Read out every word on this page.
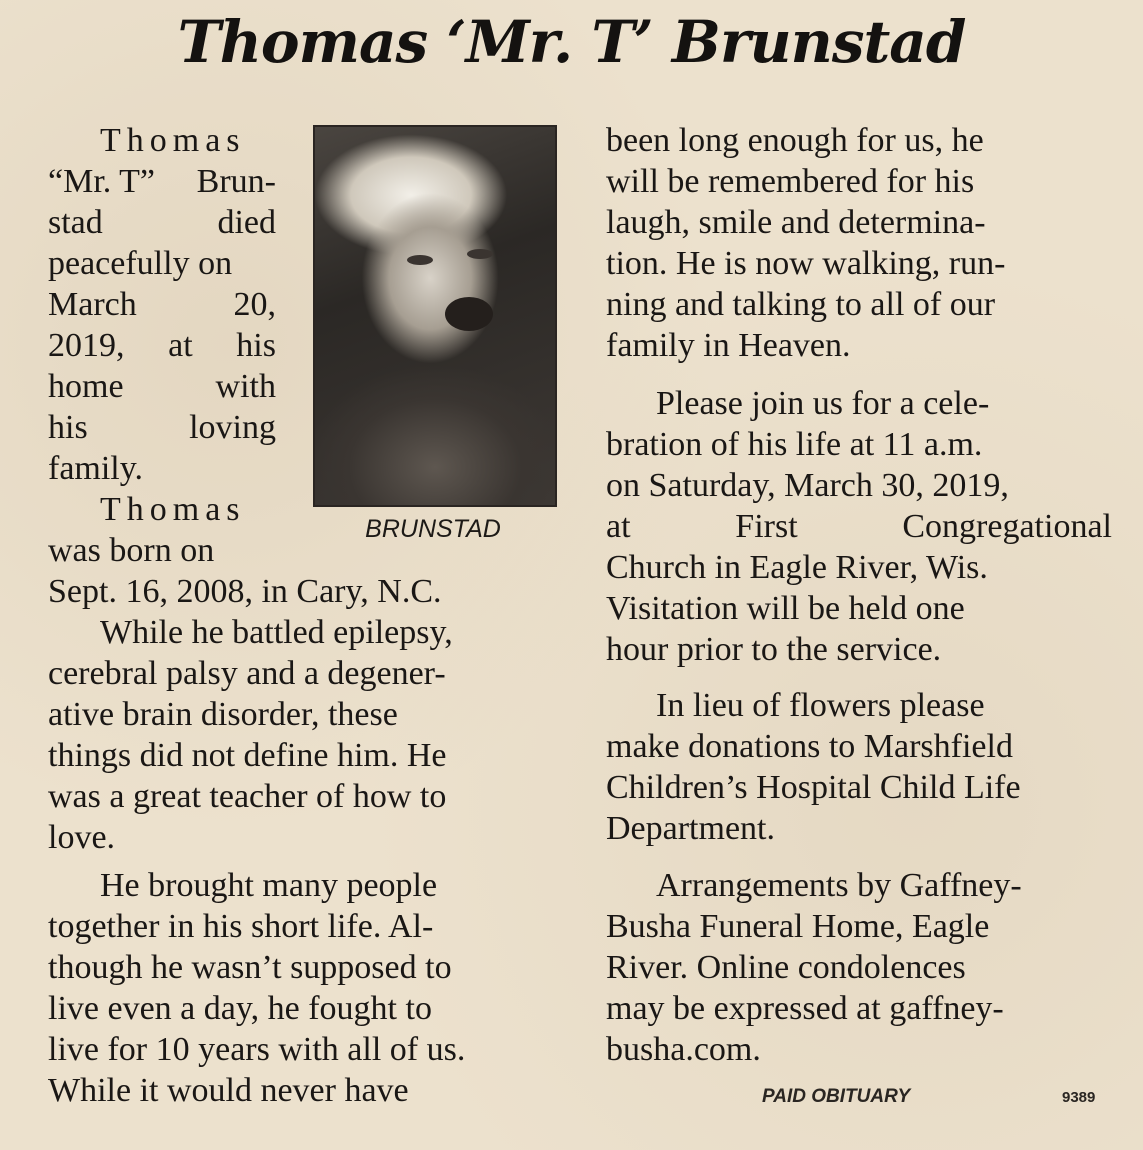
Thomas ‘Mr. T’ Brunstad
BRUNSTAD
Thomas
“Mr. T” Brun-
stad	died
peacefully on
March	20,
2019, at his
home	with
his	loving
family.
Thomas
was born on
Sept. 16, 2008, in Cary, N.C.
While he battled epilepsy,
cerebral palsy and a degener-
ative brain disorder, these
things did not define him. He
was a great teacher of how to
love.
He brought many people
together in his short life. Al-
though he wasn’t supposed to
live even a day, he fought to
live for 10 years with all of us.
While it would never have
been long enough for us, he
will be remembered for his
laugh, smile and determina-
tion. He is now walking, run-
ning and talking to all of our
family in Heaven.
Please join us for a cele-
bration of his life at 11 a.m.
on Saturday, March 30, 2019,
at	First	Congregational
Church in Eagle River, Wis.
Visitation will be held one
hour prior to the service.
In lieu of flowers please
make donations to Marshfield
Children’s Hospital Child Life
Department.
Arrangements by Gaffney-
Busha Funeral Home, Eagle
River. Online condolences
may be expressed at gaffney-
busha.com.
PAID OBITUARY	9389
